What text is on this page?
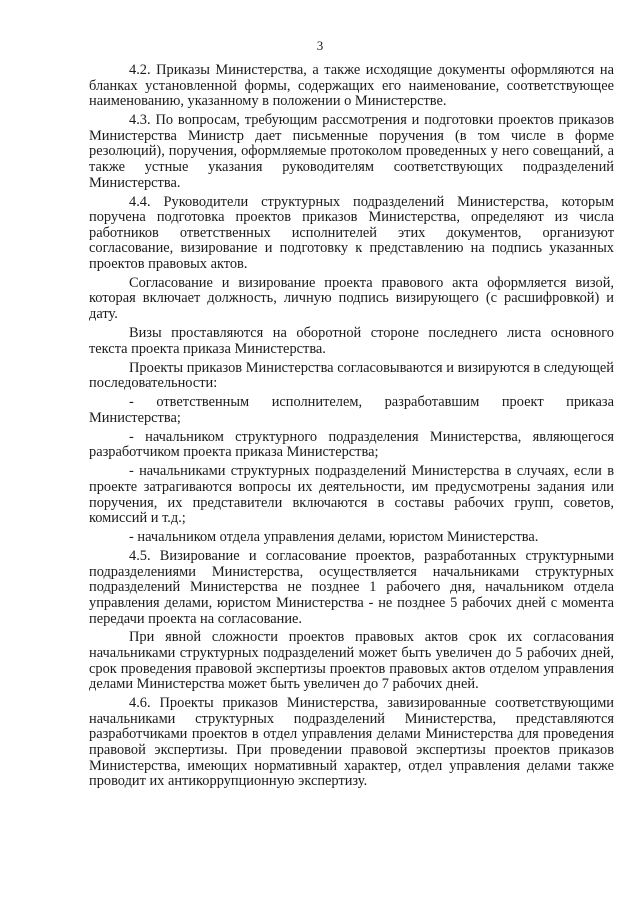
3

4.2. Приказы Министерства, а также исходящие документы оформляются на бланках установленной формы, содержащих его наименование, соответствующее наименованию, указанному в положении о Министерстве.

4.3. По вопросам, требующим рассмотрения и подготовки проектов приказов Министерства Министр дает письменные поручения (в том числе в форме резолюций), поручения, оформляемые протоколом проведенных у него совещаний, а также устные указания руководителям соответствующих подразделений Министерства.

4.4. Руководители структурных подразделений Министерства, которым поручена подготовка проектов приказов Министерства, определяют из числа работников ответственных исполнителей этих документов, организуют согласование, визирование и подготовку к представлению на подпись указанных проектов правовых актов.

Согласование и визирование проекта правового акта оформляется визой, которая включает должность, личную подпись визирующего (с расшифровкой) и дату.

Визы проставляются на оборотной стороне последнего листа основного текста проекта приказа Министерства.

Проекты приказов Министерства согласовываются и визируются в следующей последовательности:

- ответственным исполнителем, разработавшим проект приказа Министерства;

- начальником структурного подразделения Министерства, являющегося разработчиком проекта приказа Министерства;

- начальниками структурных подразделений Министерства в случаях, если в проекте затрагиваются вопросы их деятельности, им предусмотрены задания или поручения, их представители включаются в составы рабочих групп, советов, комиссий и т.д.;

- начальником отдела управления делами, юристом Министерства.

4.5. Визирование и согласование проектов, разработанных структурными подразделениями Министерства, осуществляется начальниками структурных подразделений Министерства не позднее 1 рабочего дня, начальником отдела управления делами, юристом Министерства - не позднее 5 рабочих дней с момента передачи проекта на согласование.

При явной сложности проектов правовых актов срок их согласования начальниками структурных подразделений может быть увеличен до 5 рабочих дней, срок проведения правовой экспертизы проектов правовых актов отделом управления делами Министерства может быть увеличен до 7 рабочих дней.

4.6. Проекты приказов Министерства, завизированные соответствующими начальниками структурных подразделений Министерства, представляются разработчиками проектов в отдел управления делами Министерства для проведения правовой экспертизы. При проведении правовой экспертизы проектов приказов Министерства, имеющих нормативный характер, отдел управления делами также проводит их антикоррупционную экспертизу.
